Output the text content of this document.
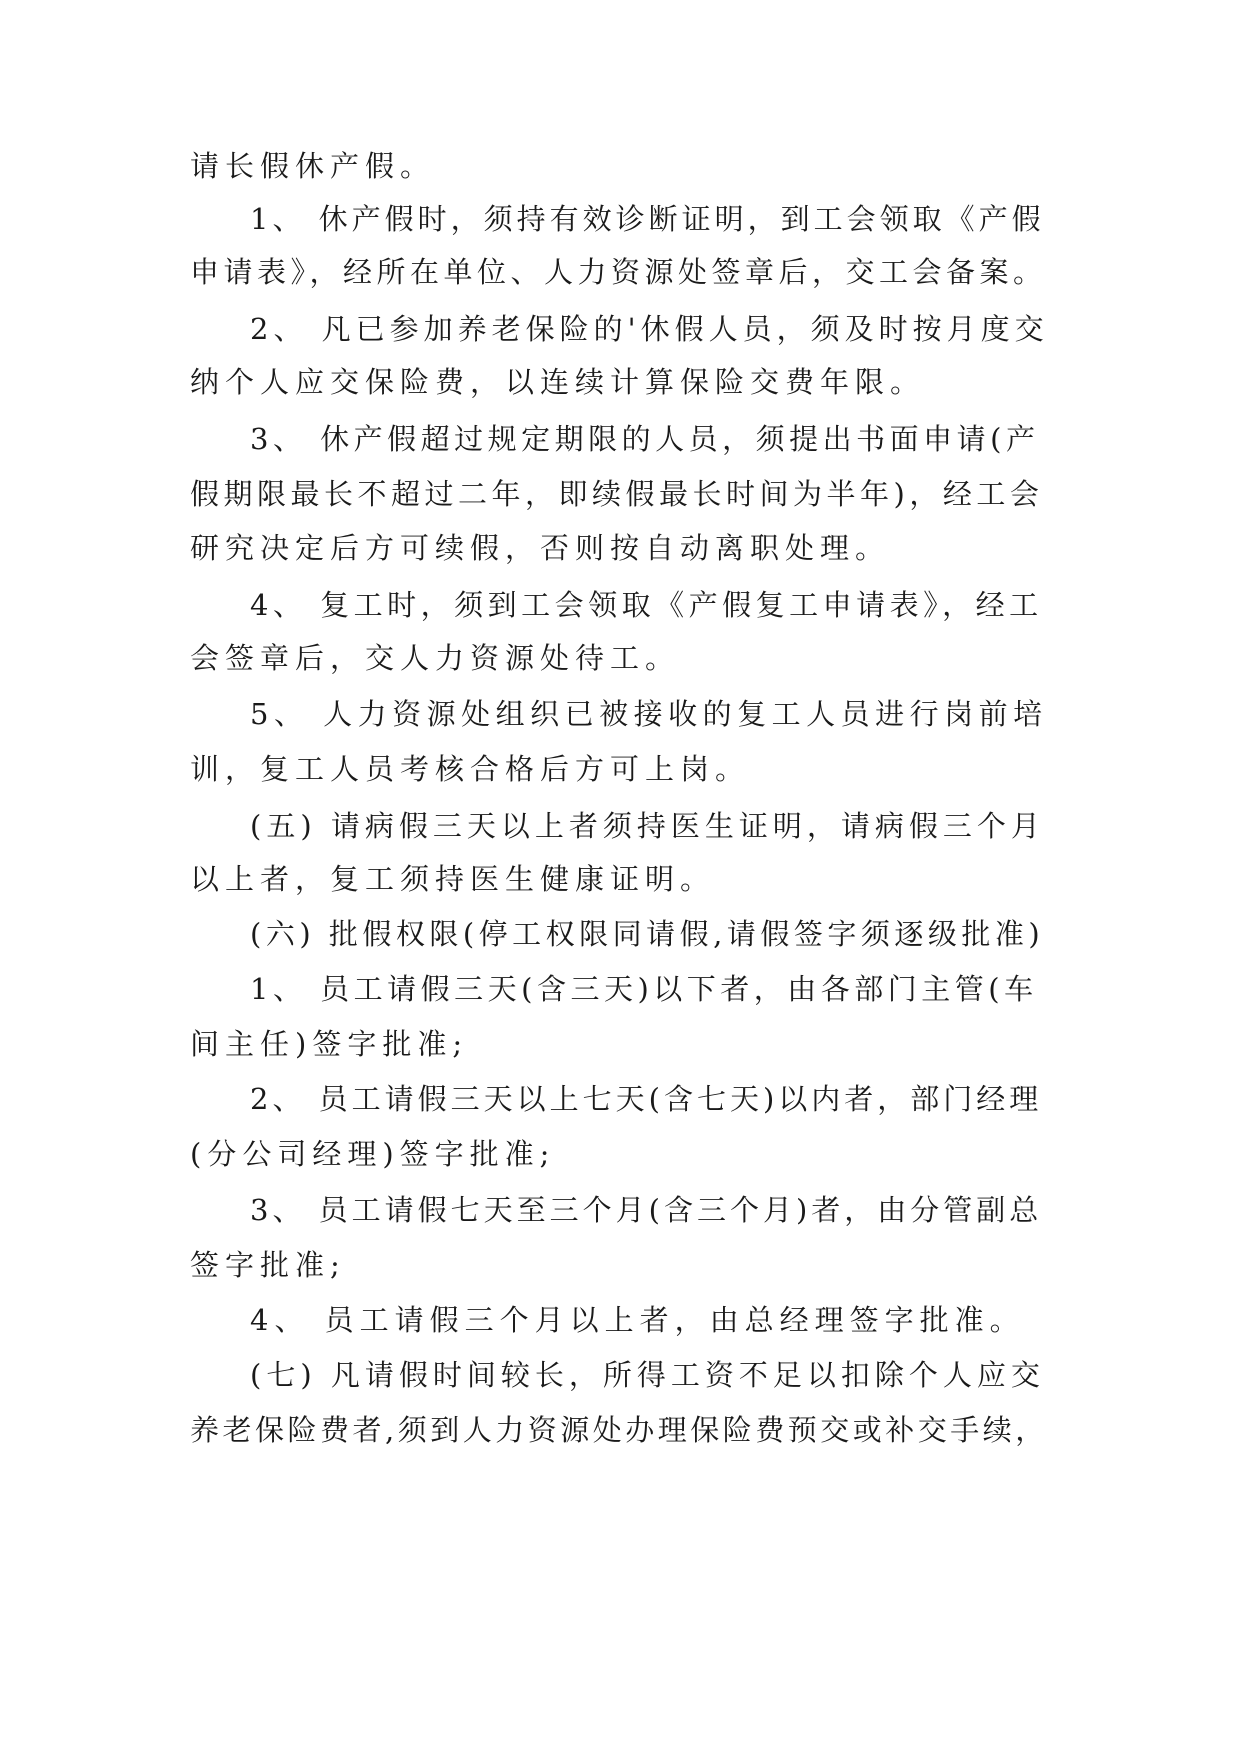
请长假休产假。
1、 休产假时，须持有效诊断证明，到工会领取《产假
申请表》，经所在单位、人力资源处签章后，交工会备案。
2、 凡已参加养老保险的'休假人员，须及时按月度交
纳个人应交保险费，以连续计算保险交费年限。
3、 休产假超过规定期限的人员，须提出书面申请(产
假期限最长不超过二年，即续假最长时间为半年)，经工会
研究决定后方可续假，否则按自动离职处理。
4、 复工时，须到工会领取《产假复工申请表》，经工
会签章后，交人力资源处待工。
5、 人力资源处组织已被接收的复工人员进行岗前培
训，复工人员考核合格后方可上岗。
(五) 请病假三天以上者须持医生证明，请病假三个月
以上者，复工须持医生健康证明。
(六) 批假权限(停工权限同请假,请假签字须逐级批准)
1、 员工请假三天(含三天)以下者，由各部门主管(车
间主任)签字批准;
2、 员工请假三天以上七天(含七天)以内者，部门经理
(分公司经理)签字批准;
3、 员工请假七天至三个月(含三个月)者，由分管副总
签字批准;
4、 员工请假三个月以上者，由总经理签字批准。
(七) 凡请假时间较长，所得工资不足以扣除个人应交
养老保险费者,须到人力资源处办理保险费预交或补交手续，
